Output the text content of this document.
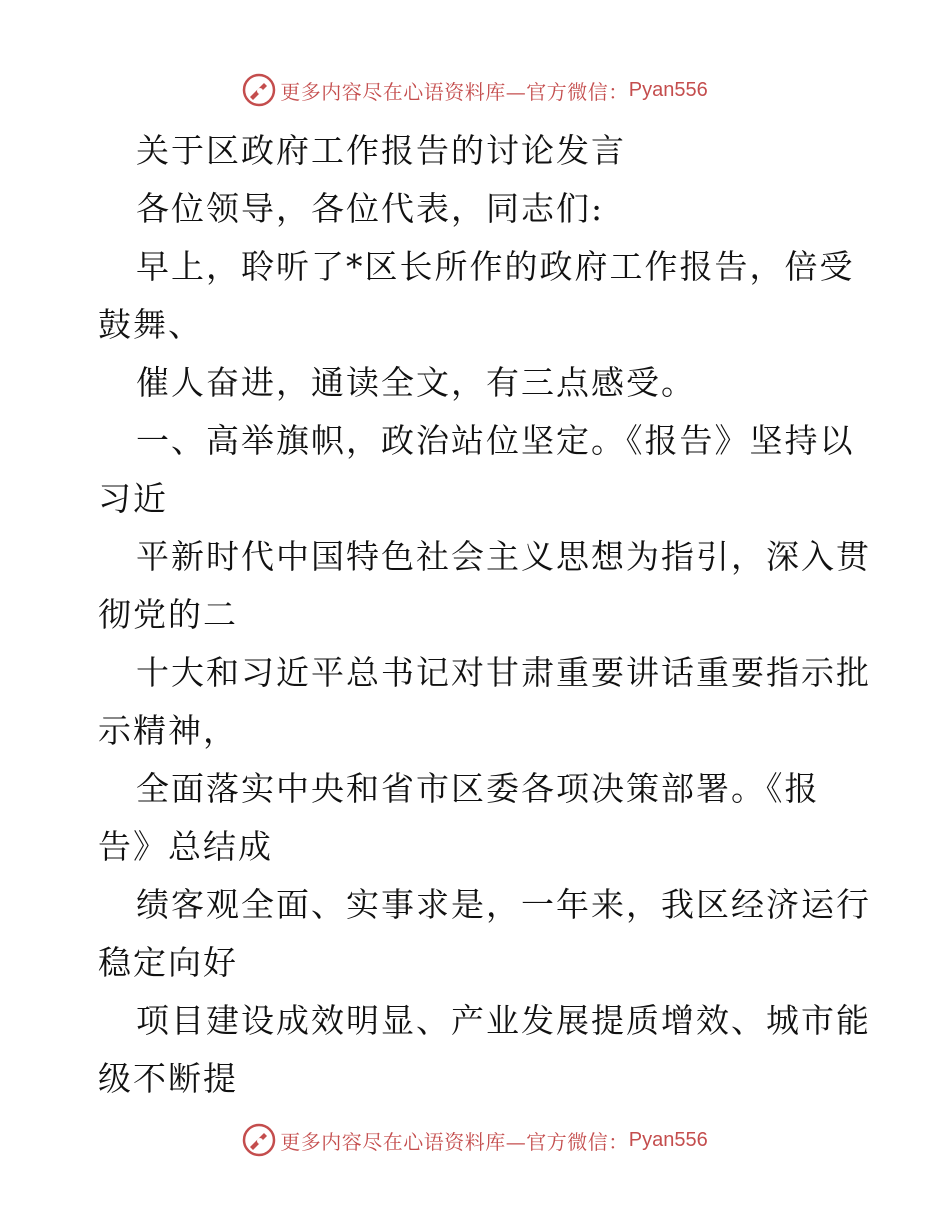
更多内容尽在心语资料库—官方微信： Pyan556
关于区政府工作报告的讨论发言
各位领导，各位代表，同志们:
早上，聆听了*区长所作的政府工作报告，倍受
鼓舞、
催人奋进，通读全文，有三点感受。
一、高举旗帜，政治站位坚定。《报告》坚持以
习近
平新时代中国特色社会主义思想为指引，深入贯
彻党的二
十大和习近平总书记对甘肃重要讲话重要指示批
示精神，
全面落实中央和省市区委各项决策部署。《报
告》总结成
绩客观全面、实事求是，一年来，我区经济运行
稳定向好
项目建设成效明显、产业发展提质增效、城市能
级不断提
更多内容尽在心语资料库—官方微信： Pyan556
